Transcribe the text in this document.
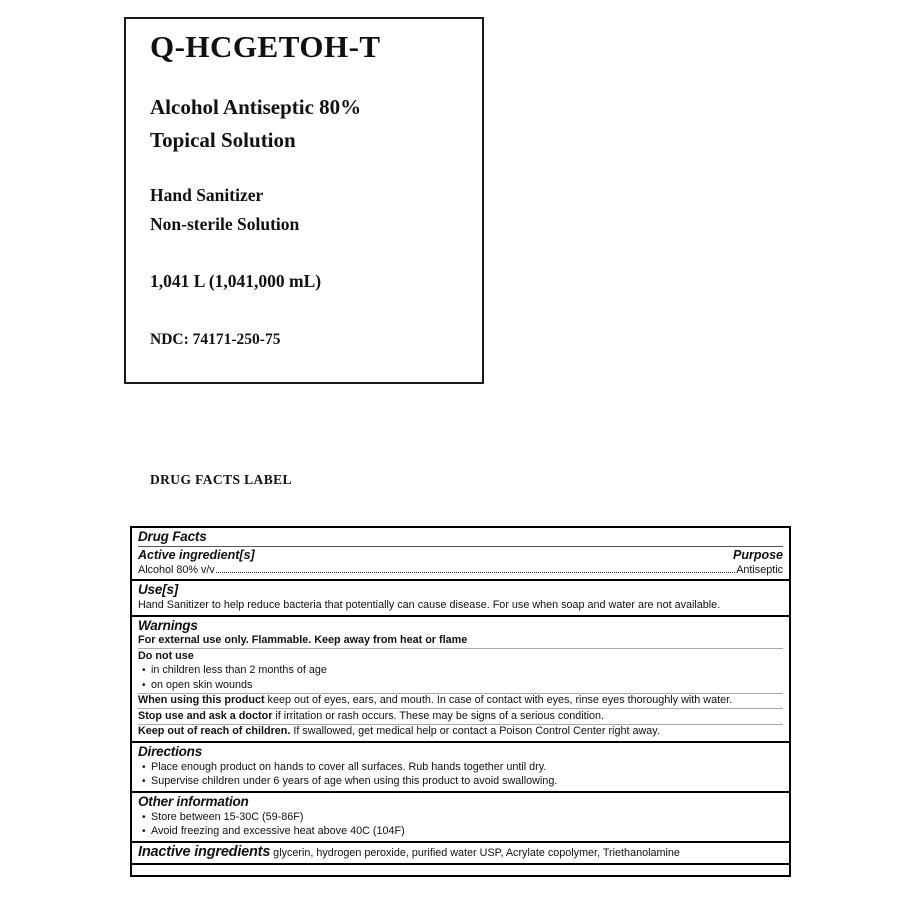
Q-HCGETOH-T
Alcohol Antiseptic 80%
Topical Solution
Hand Sanitizer
Non-sterile Solution
1,041 L (1,041,000 mL)
NDC: 74171-250-75
DRUG FACTS LABEL
Drug Facts
Active ingredient[s]	Purpose
Alcohol 80% v/v	Antiseptic
Use[s]
Hand Sanitizer to help reduce bacteria that potentially can cause disease. For use when soap and water are not available.
Warnings
For external use only. Flammable. Keep away from heat or flame
Do not use
• in children less than 2 months of age
• on open skin wounds
When using this product keep out of eyes, ears, and mouth. In case of contact with eyes, rinse eyes thoroughly with water.
Stop use and ask a doctor if irritation or rash occurs. These may be signs of a serious condition.
Keep out of reach of children. If swallowed, get medical help or contact a Poison Control Center right away.
Directions
• Place enough product on hands to cover all surfaces. Rub hands together until dry.
• Supervise children under 6 years of age when using this product to avoid swallowing.
Other information
• Store between 15-30C (59-86F)
• Avoid freezing and excessive heat above 40C (104F)
Inactive ingredients glycerin, hydrogen peroxide, purified water USP, Acrylate copolymer, Triethanolamine
